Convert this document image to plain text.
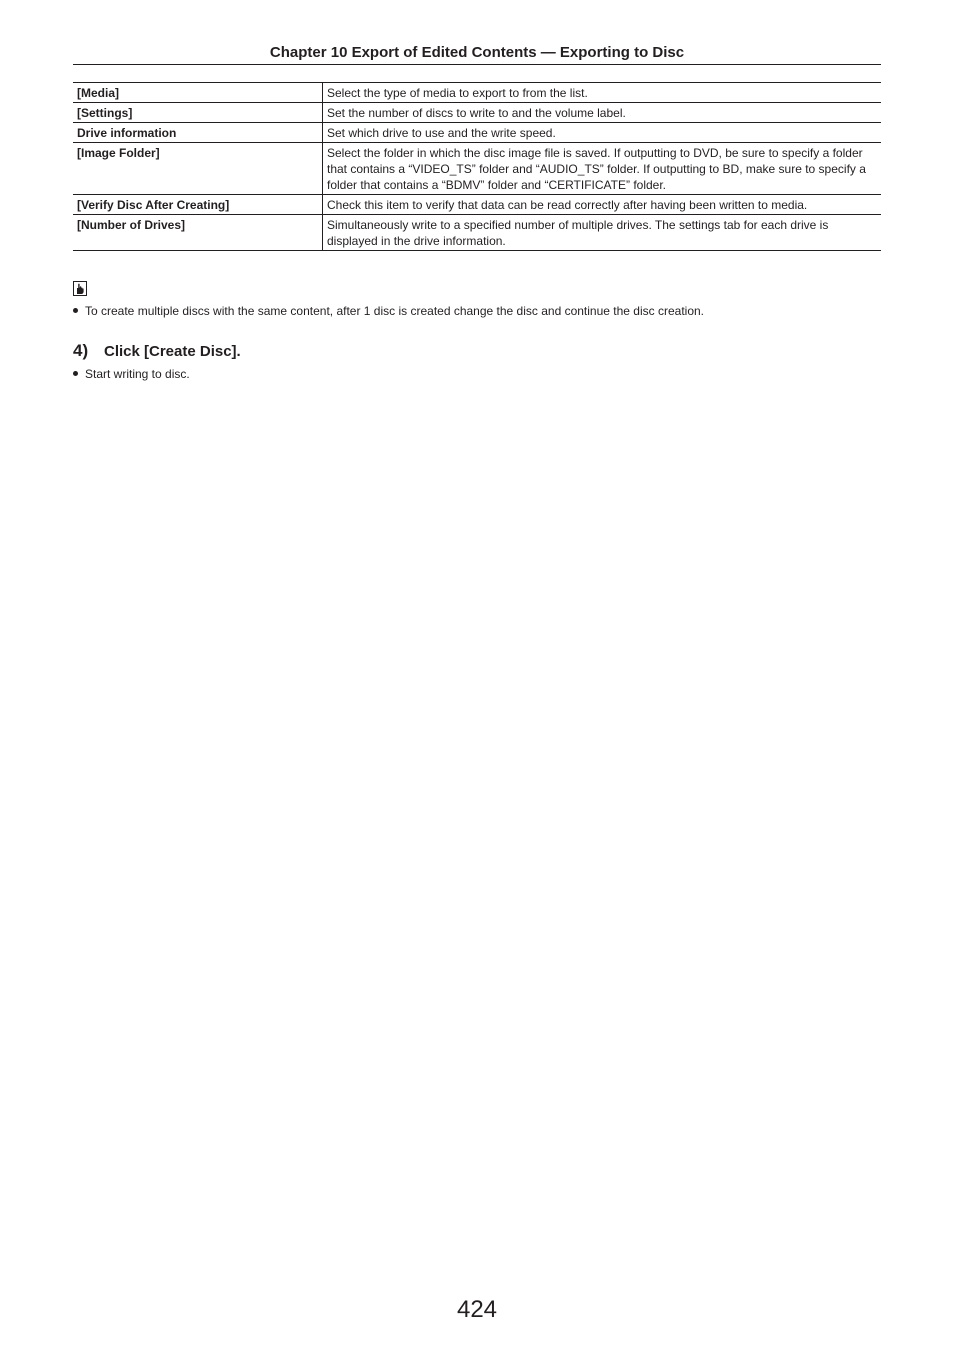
Chapter 10 Export of Edited Contents — Exporting to Disc
[Media]	Select the type of media to export to from the list.
[Settings]	Set the number of discs to write to and the volume label.
Drive information	Set which drive to use and the write speed.
[Image Folder]	Select the folder in which the disc image file is saved. If outputting to DVD, be sure to specify a folder that contains a “VIDEO_TS” folder and “AUDIO_TS” folder. If outputting to BD, make sure to specify a folder that contains a “BDMV” folder and “CERTIFICATE” folder.
[Verify Disc After Creating]	Check this item to verify that data can be read correctly after having been written to media.
[Number of Drives]	Simultaneously write to a specified number of multiple drives. The settings tab for each drive is displayed in the drive information.
To create multiple discs with the same content, after 1 disc is created change the disc and continue the disc creation.
4) Click [Create Disc].
Start writing to disc.
424
